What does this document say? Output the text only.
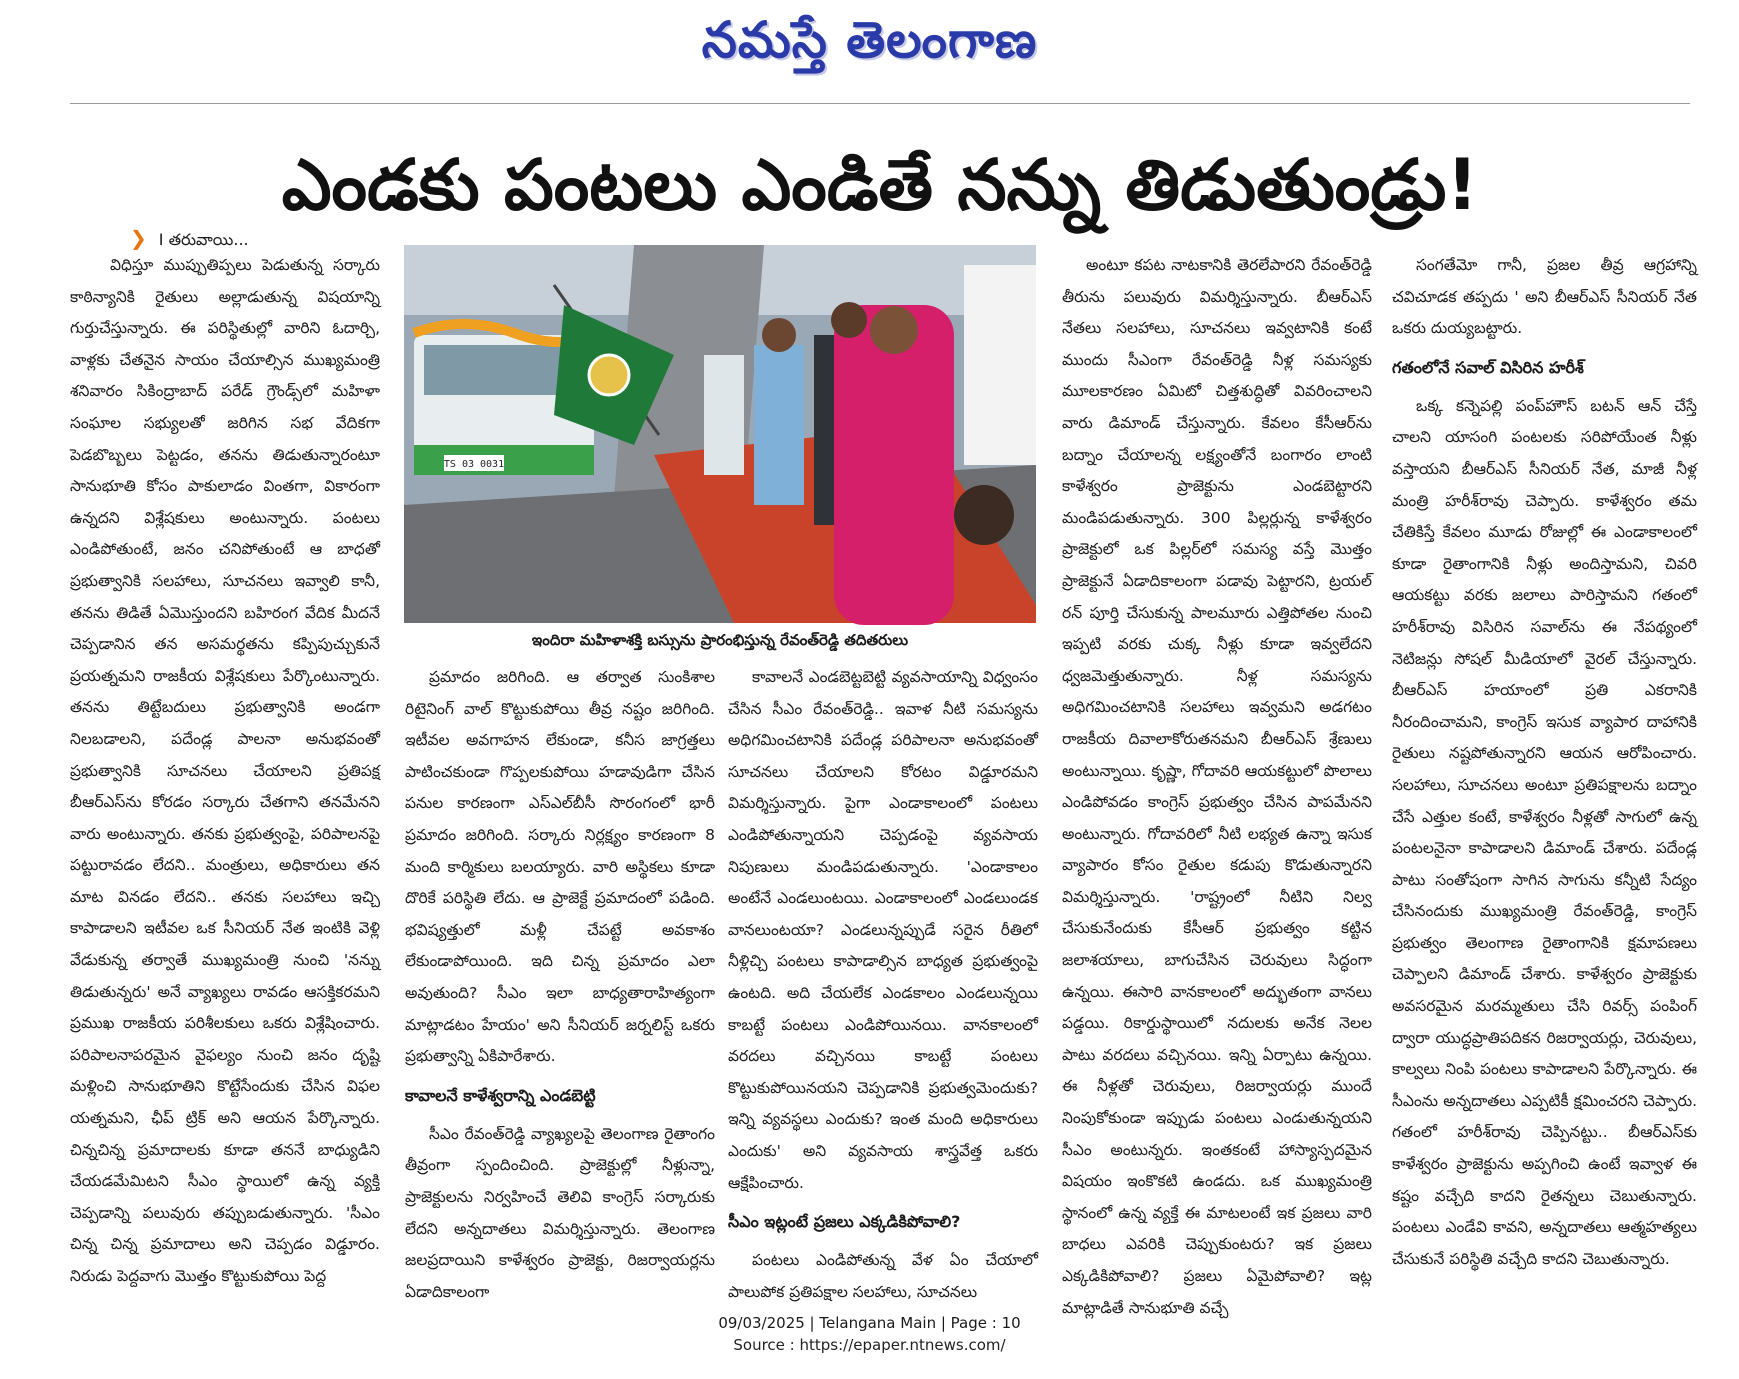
నమస్తే తెలంగాణ
ఎండకు పంటలు ఎండితే నన్ను తిడుతుండ్రు!
❯ I తరువాయి...

విధిస్తూ ముప్పుతిప్పలు పెడుతున్న సర్కారు కాఠిన్యానికి రైతులు అల్లాడుతున్న విషయాన్ని గుర్తుచేస్తున్నారు. ఈ పరిస్థితుల్లో వారిని ఓదార్చి, వాళ్లకు చేతనైన సాయం చేయాల్సిన ముఖ్యమంత్రి శనివారం సికింద్రాబాద్ పరేడ్ గ్రౌండ్స్‌లో మహిళా సంఘాల సభ్యులతో జరిగిన సభ వేదికగా పెడబొబ్బలు పెట్టడం, తనను తిడుతున్నారంటూ సానుభూతి కోసం పాకులాడం వింతగా, వికారంగా ఉన్నదని విశ్లేషకులు అంటున్నారు. పంటలు ఎండిపోతుంటే, జనం చనిపోతుంటే ఆ బాధతో ప్రభుత్వానికి సలహాలు, సూచనలు ఇవ్వాలి కానీ, తనను తిడితే ఏమొస్తుందని బహిరంగ వేదిక మీదనే చెప్పడానిన తన అసమర్థతను కప్పిపుచ్చుకునే ప్రయత్నమని రాజకీయ విశ్లేషకులు పేర్కొంటున్నారు. తనను తిట్టేబదులు ప్రభుత్వానికి అండగా నిలబడాలని, పదేండ్ల పాలనా అనుభవంతో ప్రభుత్వానికి సూచనలు చేయాలని ప్రతిపక్ష బీఆర్‌ఎస్‌ను కోరడం సర్కారు చేతగాని తనమేనని వారు అంటున్నారు. తనకు ప్రభుత్వంపై, పరిపాలనపై పట్టురావడం లేదని.. మంత్రులు, అధికారులు తన మాట వినడం లేదని.. తనకు సలహాలు ఇచ్చి కాపాడాలని ఇటీవల ఒక సీనియర్ నేత ఇంటికి వెళ్లి వేడుకున్న తర్వాతే ముఖ్యమంత్రి నుంచి 'నన్ను తిడుతున్నరు' అనే వ్యాఖ్యలు రావడం ఆసక్తికరమని ప్రముఖ రాజకీయ పరిశీలకులు ఒకరు విశ్లేషించారు. పరిపాలనాపరమైన వైఫల్యం నుంచి జనం దృష్టి మళ్లించి సానుభూతిని కొట్టేసేందుకు చేసిన విఫల యత్నమని, ఛీప్ ట్రిక్ అని ఆయన పేర్కొన్నారు. చిన్నచిన్న ప్రమాదాలకు కూడా తననే బాధ్యుడిని చేయడమేమిటని సీఎం స్థాయిలో ఉన్న వ్యక్తి చెప్పడాన్ని పలువురు తప్పుబడుతున్నారు. 'సీఎం చిన్న చిన్న ప్రమాదాలు అని చెప్పడం విడ్డూరం. నిరుడు పెద్దవాగు మొత్తం కొట్టుకుపోయి పెద్ద

TS 03 0031
ఇందిరా మహిళాశక్తి బస్సును ప్రారంభిస్తున్న రేవంత్‌రెడ్డి తదితరులు

ప్రమాదం జరిగింది. ఆ తర్వాత సుంకిశాల రిటైనింగ్ వాల్ కొట్టుకుపోయి తీవ్ర నష్టం జరిగింది. ఇటీవల అవగాహన లేకుండా, కనీస జాగ్రత్తలు పాటించకుండా గొప్పలకుపోయి హడావుడిగా చేసిన పనుల కారణంగా ఎస్‌ఎల్‌బీసీ సొరంగంలో భారీ ప్రమాదం జరిగింది. సర్కారు నిర్లక్ష్యం కారణంగా 8 మంది కార్మికులు బలయ్యారు. వారి అస్థికలు కూడా దొరికే పరిస్థితి లేదు. ఆ ప్రాజెక్టే ప్రమాదంలో పడింది. భవిష్యత్తులో మళ్లీ చేపట్టే అవకాశం లేకుండాపోయింది. ఇది చిన్న ప్రమాదం ఎలా అవుతుంది? సీఎం ఇలా బాధ్యతారాహిత్యంగా మాట్లాడటం హేయం' అని సీనియర్ జర్నలిస్ట్ ఒకరు ప్రభుత్వాన్ని ఏకిపారేశారు.

కావాలనే కాళేశ్వరాన్ని ఎండబెట్టి

సీఎం రేవంత్‌రెడ్డి వ్యాఖ్యలపై తెలంగాణ రైతాంగం తీవ్రంగా స్పందించింది. ప్రాజెక్టుల్లో నీళ్లున్నా, ప్రాజెక్టులను నిర్వహించే తెలివి కాంగ్రెస్ సర్కారుకు లేదని అన్నదాతలు విమర్శిస్తున్నారు. తెలంగాణ జలప్రదాయిని కాళేశ్వరం ప్రాజెక్టు, రిజర్వాయర్లను ఏడాదికాలంగా

కావాలనే ఎండబెట్టబెట్టి వ్యవసాయాన్ని విధ్వంసం చేసిన సీఎం రేవంత్‌రెడ్డి.. ఇవాళ నీటి సమస్యను అధిగమించటానికి పదేండ్ల పరిపాలనా అనుభవంతో సూచనలు చేయాలని కోరటం విడ్డూరమని విమర్శిస్తున్నారు. పైగా ఎండాకాలంలో పంటలు ఎండిపోతున్నాయని చెప్పడంపై వ్యవసాయ నిపుణులు మండిపడుతున్నారు. 'ఎండాకాలం అంటేనే ఎండలుంటయి. ఎండాకాలంలో ఎండలుండక వానలుంటయా? ఎండలున్నప్పుడే సరైన రీతిలో నీళ్లిచ్చి పంటలు కాపాడాల్సిన బాధ్యత ప్రభుత్వంపై ఉంటది. అది చేయలేక ఎండకాలం ఎండలున్నయి కాబట్టే పంటలు ఎండిపోయినయి. వానకాలంలో వరదలు వచ్చినయి కాబట్టే పంటలు కొట్టుకుపోయినయని చెప్పడానికి ప్రభుత్వమెందుకు? ఇన్ని వ్యవస్థలు ఎందుకు? ఇంత మంది అధికారులు ఎందుకు' అని వ్యవసాయ శాస్త్రవేత్త ఒకరు ఆక్షేపించారు.

సీఎం ఇట్లంటే ప్రజలు ఎక్కడికిపోవాలి?

పంటలు ఎండిపోతున్న వేళ ఏం చేయాలో పాలుపోక ప్రతిపక్షాల సలహాలు, సూచనలు

అంటూ కపట నాటకానికి తెరలేపారని రేవంత్‌రెడ్డి తీరును పలువురు విమర్శిస్తున్నారు. బీఆర్‌ఎస్ నేతలు సలహాలు, సూచనలు ఇవ్వటానికి కంటే ముందు సీఎంగా రేవంత్‌రెడ్డి నీళ్ల సమస్యకు మూలకారణం ఏమిటో చిత్తశుద్ధితో వివరించాలని వారు డిమాండ్ చేస్తున్నారు. కేవలం కేసీఆర్‌ను బద్నాం చేయాలన్న లక్ష్యంతోనే బంగారం లాంటి కాళేశ్వరం ప్రాజెక్టును ఎండబెట్టారని మండిపడుతున్నారు. 300 పిల్లర్లున్న కాళేశ్వరం ప్రాజెక్టులో ఒక పిల్లర్‌లో సమస్య వస్తే మొత్తం ప్రాజెక్టునే ఏడాదికాలంగా పడావు పెట్టారని, ట్రయల్ రన్ పూర్తి చేసుకున్న పాలమూరు ఎత్తిపోతల నుంచి ఇప్పటి వరకు చుక్క నీళ్లు కూడా ఇవ్వలేదని ధ్వజమెత్తుతున్నారు. నీళ్ల సమస్యను అధిగమించటానికి సలహాలు ఇవ్వమని అడగటం రాజకీయ దివాలాకోరుతనమని బీఆర్‌ఎస్ శ్రేణులు అంటున్నాయి. కృష్ణా, గోదావరి ఆయకట్టులో పొలాలు ఎండిపోవడం కాంగ్రెస్ ప్రభుత్వం చేసిన పాపమేనని అంటున్నారు. గోదావరిలో నీటి లభ్యత ఉన్నా ఇసుక వ్యాపారం కోసం రైతుల కడుపు కొడుతున్నారని విమర్శిస్తున్నారు. 'రాష్ట్రంలో నీటిని నిల్వ చేసుకునేందుకు కేసీఆర్ ప్రభుత్వం కట్టిన జలాశయాలు, బాగుచేసిన చెరువులు సిద్ధంగా ఉన్నయి. ఈసారి వానకాలంలో అద్భుతంగా వానలు పడ్డయి. రికార్డుస్థాయిలో నదులకు అనేక నెలల పాటు వరదలు వచ్చినయి. ఇన్ని ఏర్పాటు ఉన్నయి. ఈ నీళ్లతో చెరువులు, రిజర్వాయర్లు ముందే నింపుకోకుండా ఇప్పుడు పంటలు ఎండుతున్నయని సీఎం అంటున్నరు. ఇంతకంటే హాస్యాస్పదమైన విషయం ఇంకొకటి ఉండదు. ఒక ముఖ్యమంత్రి స్థానంలో ఉన్న వ్యక్తే ఈ మాటలంటే ఇక ప్రజలు వారి బాధలు ఎవరికి చెప్పుకుంటరు? ఇక ప్రజలు ఎక్కడికిపోవాలి? ప్రజలు ఏమైపోవాలి? ఇట్ల మాట్లాడితే సానుభూతి వచ్చే

సంగతేమో గానీ, ప్రజల తీవ్ర ఆగ్రహాన్ని చవిచూడక తప్పదు ' అని బీఆర్‌ఎస్ సీనియర్ నేత ఒకరు దుయ్యబట్టారు.

గతంలోనే సవాల్ విసిరిన హరీశ్

ఒక్క కన్నెపల్లి పంప్‌హౌస్ బటన్ ఆన్ చేస్తే చాలని యాసంగి పంటలకు సరిపోయేంత నీళ్లు వస్తాయని బీఆర్‌ఎస్ సీనియర్ నేత, మాజీ నీళ్ల మంత్రి హరీశ్‌రావు చెప్పారు. కాళేశ్వరం తమ చేతికిస్తే కేవలం మూడు రోజుల్లో ఈ ఎండాకాలంలో కూడా రైతాంగానికి నీళ్లు అందిస్తామని, చివరి ఆయకట్టు వరకు జలాలు పారిస్తామని గతంలో హరీశ్‌రావు విసిరిన సవాల్‌ను ఈ నేపథ్యంలో నెటిజన్లు సోషల్ మీడియాలో వైరల్ చేస్తున్నారు. బీఆర్‌ఎస్ హయాంలో ప్రతి ఎకరానికి నీరందించామని, కాంగ్రెస్ ఇసుక వ్యాపార దాహానికి రైతులు నష్టపోతున్నారని ఆయన ఆరోపించారు. సలహాలు, సూచనలు అంటూ ప్రతిపక్షాలను బద్నాం చేసే ఎత్తుల కంటే, కాళేశ్వరం నీళ్లతో సాగులో ఉన్న పంటలనైనా కాపాడాలని డిమాండ్ చేశారు. పదేండ్ల పాటు సంతోషంగా సాగిన సాగును కన్నీటి సేద్యం చేసినందుకు ముఖ్యమంత్రి రేవంత్‌రెడ్డి, కాంగ్రెస్ ప్రభుత్వం తెలంగాణ రైతాంగానికి క్షమాపణలు చెప్పాలని డిమాండ్ చేశారు. కాళేశ్వరం ప్రాజెక్టుకు అవసరమైన మరమ్మతులు చేసి రివర్స్ పంపింగ్ ద్వారా యుద్ధప్రాతిపదికన రిజర్వాయర్లు, చెరువులు, కాల్వలు నింపి పంటలు కాపాడాలని పేర్కొన్నారు. ఈ సీఎంను అన్నదాతలు ఎప్పటికీ క్షమించరని చెప్పారు. గతంలో హరీశ్‌రావు చెప్పినట్టు.. బీఆర్‌ఎస్‌కు కాళేశ్వరం ప్రాజెక్టును అప్పగించి ఉంటే ఇవ్వాళ ఈ కష్టం వచ్చేది కాదని రైతన్నలు చెబుతున్నారు. పంటలు ఎండేవి కావని, అన్నదాతలు ఆత్మహత్యలు చేసుకునే పరిస్థితి వచ్చేది కాదని చెబుతున్నారు.

09/03/2025 | Telangana Main | Page : 10
Source : https://epaper.ntnews.com/
